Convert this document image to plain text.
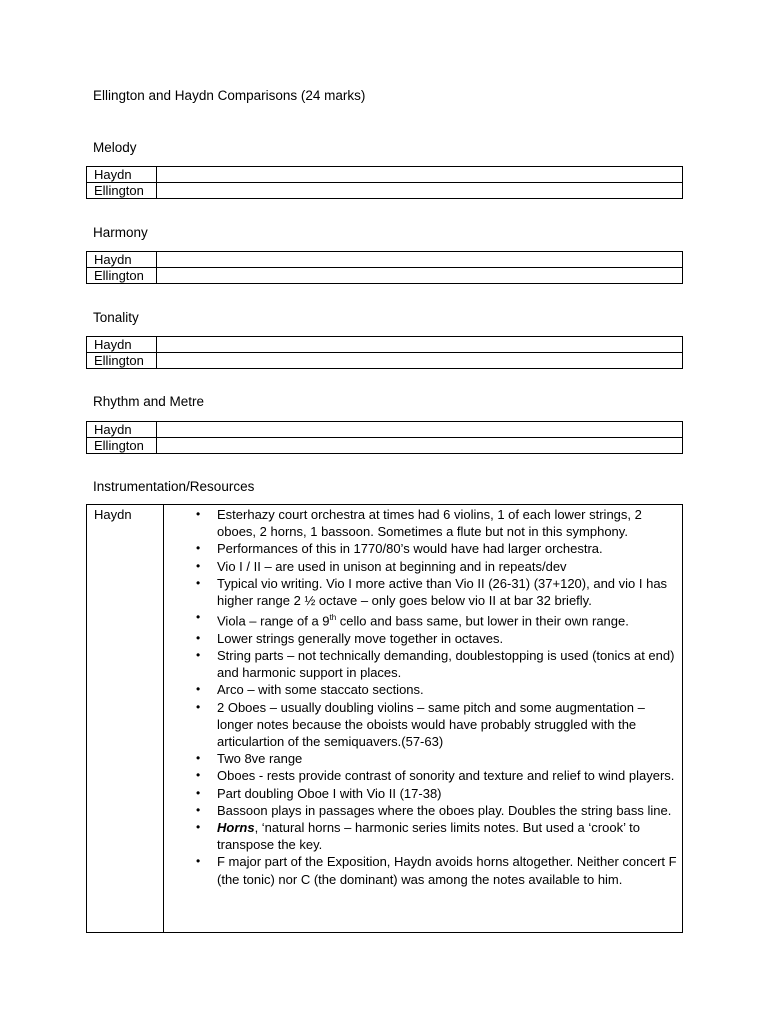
Ellington and Haydn Comparisons (24 marks)
Melody
Haydn	
Ellington	
Harmony
Haydn	
Ellington	
Tonality
Haydn	
Ellington	
Rhythm and Metre
Haydn	
Ellington	
Instrumentation/Resources
Haydn	• Esterhazy court orchestra at times had 6 violins, 1 of each lower strings, 2 oboes, 2 horns, 1 bassoon. Sometimes a flute but not in this symphony.
• Performances of this in 1770/80’s would have had larger orchestra.
• Vio I / II – are used in unison at beginning and in repeats/dev
• Typical vio writing. Vio I more active than Vio II (26-31) (37+120), and vio I has higher range 2 ½ octave – only goes below vio II at bar 32 briefly.
• Viola – range of a 9th cello and bass same, but lower in their own range.
• Lower strings generally move together in octaves.
• String parts – not technically demanding, doublestopping is used (tonics at end) and harmonic support in places.
• Arco – with some staccato sections.
• 2 Oboes – usually doubling violins – same pitch and some augmentation – longer notes because the oboists would have probably struggled with the articulartion of the semiquavers.(57-63)
• Two 8ve range
• Oboes - rests provide contrast of sonority and texture and relief to wind players.
• Part doubling Oboe I with Vio II (17-38)
• Bassoon plays in passages where the oboes play. Doubles the string bass line.
• Horns, ‘natural horns – harmonic series limits notes. But used a ‘crook’ to transpose the key.
• F major part of the Exposition, Haydn avoids horns altogether. Neither concert F (the tonic) nor C (the dominant) was among the notes available to him.
